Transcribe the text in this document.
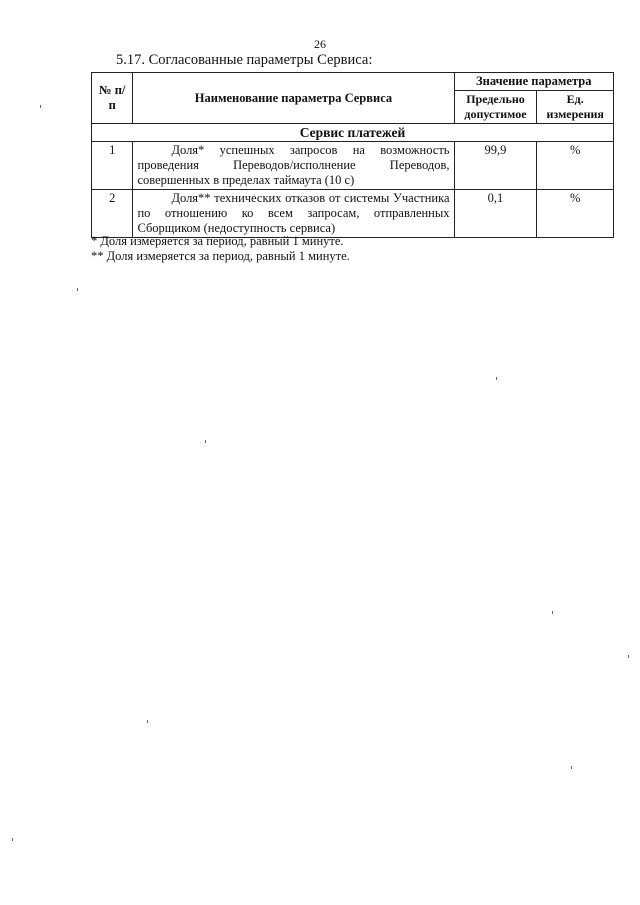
26
5.17. Согласованные параметры Сервиса:
№ п/п	Наименование параметра Сервиса	Значение параметра	
		Предельно допустимое	Ед. измерения
Сервис платежей			
1	Доля* успешных запросов на возможность проведения Переводов/исполнение Переводов, совершенных в пределах таймаута (10 с)	99,9	%
2	Доля** технических отказов от системы Участника по отношению ко всем запросам, отправленных Сборщиком (недоступность сервиса)	0,1	%
* Доля измеряется за период, равный 1 минуте.
** Доля измеряется за период, равный 1 минуте.
